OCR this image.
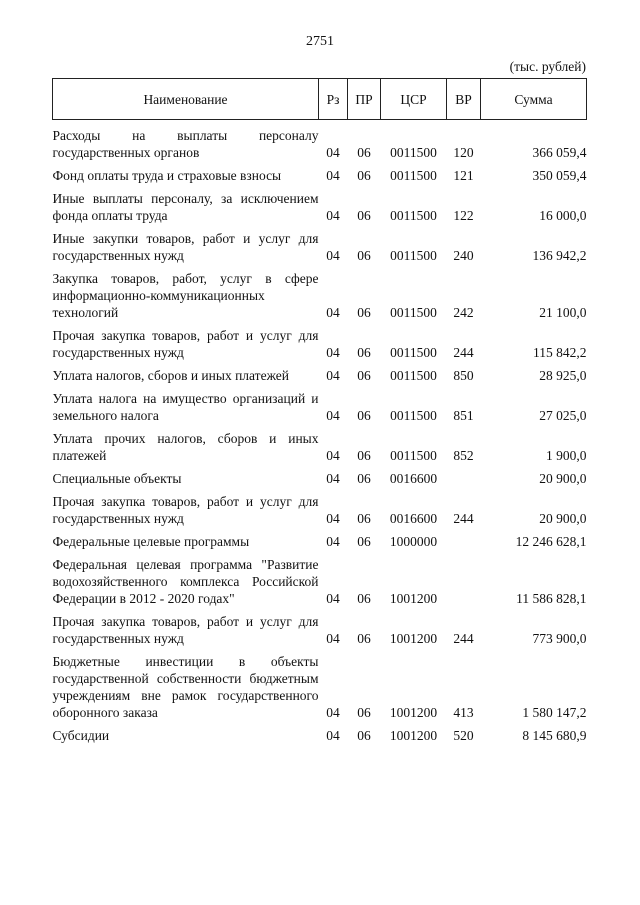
2751
(тыс. рублей)
Наименование	Рз	ПР	ЦСР	ВР	Сумма
Расходы на выплаты персоналу государственных органов	04	06	0011500	120	366 059,4
Фонд оплаты труда и страховые взносы	04	06	0011500	121	350 059,4
Иные выплаты персоналу, за исключением фонда оплаты труда	04	06	0011500	122	16 000,0
Иные закупки товаров, работ и услуг для государственных нужд	04	06	0011500	240	136 942,2
Закупка товаров, работ, услуг в сфере информационно-коммуникационных технологий	04	06	0011500	242	21 100,0
Прочая закупка товаров, работ и услуг для государственных нужд	04	06	0011500	244	115 842,2
Уплата налогов, сборов и иных платежей	04	06	0011500	850	28 925,0
Уплата налога на имущество организаций и земельного налога	04	06	0011500	851	27 025,0
Уплата прочих налогов, сборов и иных платежей	04	06	0011500	852	1 900,0
Специальные объекты	04	06	0016600		20 900,0
Прочая закупка товаров, работ и услуг для государственных нужд	04	06	0016600	244	20 900,0
Федеральные целевые программы	04	06	1000000		12 246 628,1
Федеральная целевая программа "Развитие водохозяйственного комплекса Российской Федерации в 2012 - 2020 годах"	04	06	1001200		11 586 828,1
Прочая закупка товаров, работ и услуг для государственных нужд	04	06	1001200	244	773 900,0
Бюджетные инвестиции в объекты государственной собственности бюджетным учреждениям вне рамок государственного оборонного заказа	04	06	1001200	413	1 580 147,2
Субсидии	04	06	1001200	520	8 145 680,9
